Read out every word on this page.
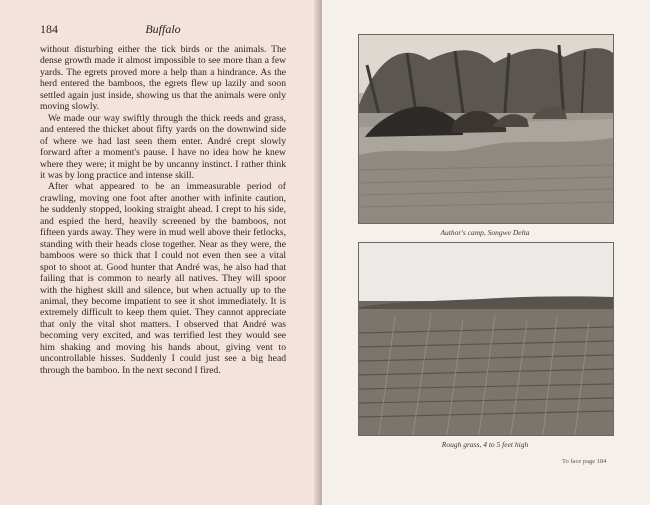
184	Buffalo

without disturbing either the tick birds or the animals. The dense growth made it almost impossible to see more than a few yards. The egrets proved more a help than a hindrance. As the herd entered the bamboos, the egrets flew up lazily and soon settled again just inside, showing us that the animals were only moving slowly.

We made our way swiftly through the thick reeds and grass, and entered the thicket about fifty yards on the downwind side of where we had last seen them enter. André crept slowly forward after a moment's pause. I have no idea how he knew where they were; it might be by uncanny instinct. I rather think it was by long practice and intense skill.

After what appeared to be an immeasurable period of crawling, moving one foot after another with infinite caution, he suddenly stopped, looking straight ahead. I crept to his side, and espied the herd, heavily screened by the bamboos, not fifteen yards away. They were in mud well above their fetlocks, standing with their heads close together. Near as they were, the bamboos were so thick that I could not even then see a vital spot to shoot at. Good hunter that André was, he also had that failing that is common to nearly all natives. They will spoor with the highest skill and silence, but when actually up to the animal, they become impatient to see it shot immediately. It is extremely difficult to keep them quiet. They cannot appreciate that only the vital shot matters. I observed that André was becoming very excited, and was terrified lest they would see him shaking and moving his hands about, giving vent to uncontrollable hisses. Suddenly I could just see a big head through the bamboo. In the next second I fired.

Author's camp, Songwe Delta
Rough grass, 4 to 5 feet high
To face page 184
